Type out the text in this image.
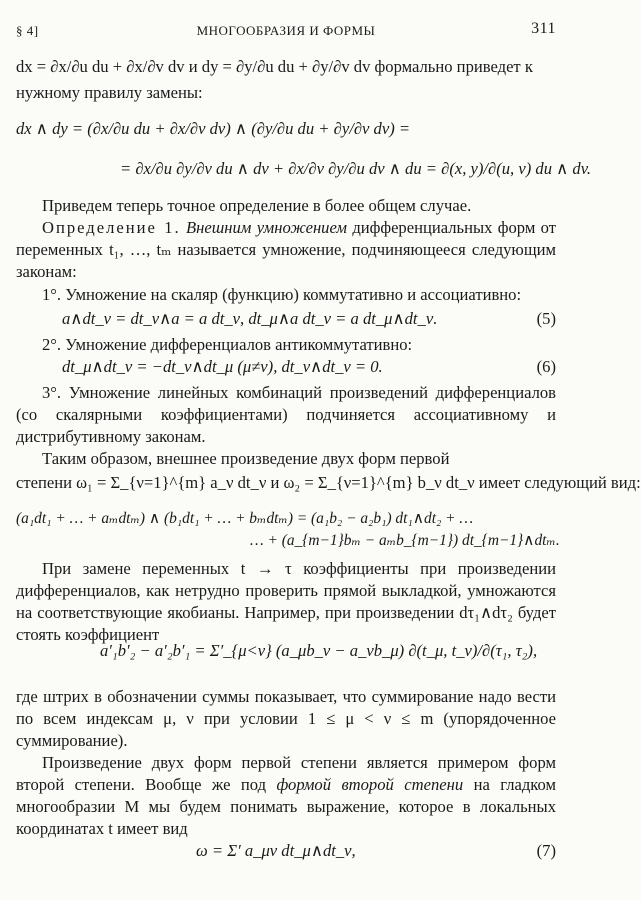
§ 4]	МНОГООБРАЗИЯ И ФОРМЫ	311
dx = ∂x/∂u du + ∂x/∂v dv и dy = ∂y/∂u du + ∂y/∂v dv формально приведет к
нужному правилу замены:
dx ∧ dy = (∂x/∂u du + ∂x/∂v dv) ∧ (∂y/∂u du + ∂y/∂v dv) =
= ∂x/∂u ∂y/∂v du ∧ dv + ∂x/∂v ∂y/∂u dv ∧ du = ∂(x, y)/∂(u, v) du ∧ dv.

Приведем теперь точное определение в более общем случае.

Определение 1. Внешним умножением дифференциальных форм от переменных t₁, …, tₘ называется умножение, подчиняющееся следующим законам:

1°. Умножение на скаляр (функцию) коммутативно и ассоциативно:

a∧dt_ν = dt_ν∧a = a dt_ν, dt_μ∧a dt_ν = a dt_μ∧dt_ν.	(5)

2°. Умножение дифференциалов антикоммутативно:

dt_μ∧dt_ν = −dt_ν∧dt_μ (μ≠ν), dt_ν∧dt_ν = 0.	(6)

3°. Умножение линейных комбинаций произведений дифференциалов (со скалярными коэффициентами) подчиняется ассоциативному и дистрибутивному законам.

Таким образом, внешнее произведение двух форм первой

степени ω₁ = Σ_{ν=1}^{m} a_ν dt_ν и ω₂ = Σ_{ν=1}^{m} b_ν dt_ν имеет следующий вид:
(a₁dt₁ + … + aₘdtₘ) ∧ (b₁dt₁ + … + bₘdtₘ) = (a₁b₂ − a₂b₁) dt₁∧dt₂ + …
… + (a_{m−1}bₘ − aₘb_{m−1}) dt_{m−1}∧dtₘ.

При замене переменных t → τ коэффициенты при произведении дифференциалов, как нетрудно проверить прямой выкладкой, умножаются на соответствующие якобианы. Например, при произведении dτ₁∧dτ₂ будет стоять коэффициент

a′₁b′₂ − a′₂b′₁ = Σ′_{μ<ν} (a_μb_ν − a_νb_μ) ∂(t_μ, t_ν)/∂(τ₁, τ₂),

где штрих в обозначении суммы показывает, что суммирование надо вести по всем индексам μ, ν при условии 1 ≤ μ < ν ≤ m (упорядоченное суммирование).

Произведение двух форм первой степени является примером форм второй степени. Вообще же под формой второй степени на гладком многообразии M мы будем понимать выражение, которое в локальных координатах t имеет вид

ω = Σ′ a_μν dt_μ∧dt_ν,	(7)
